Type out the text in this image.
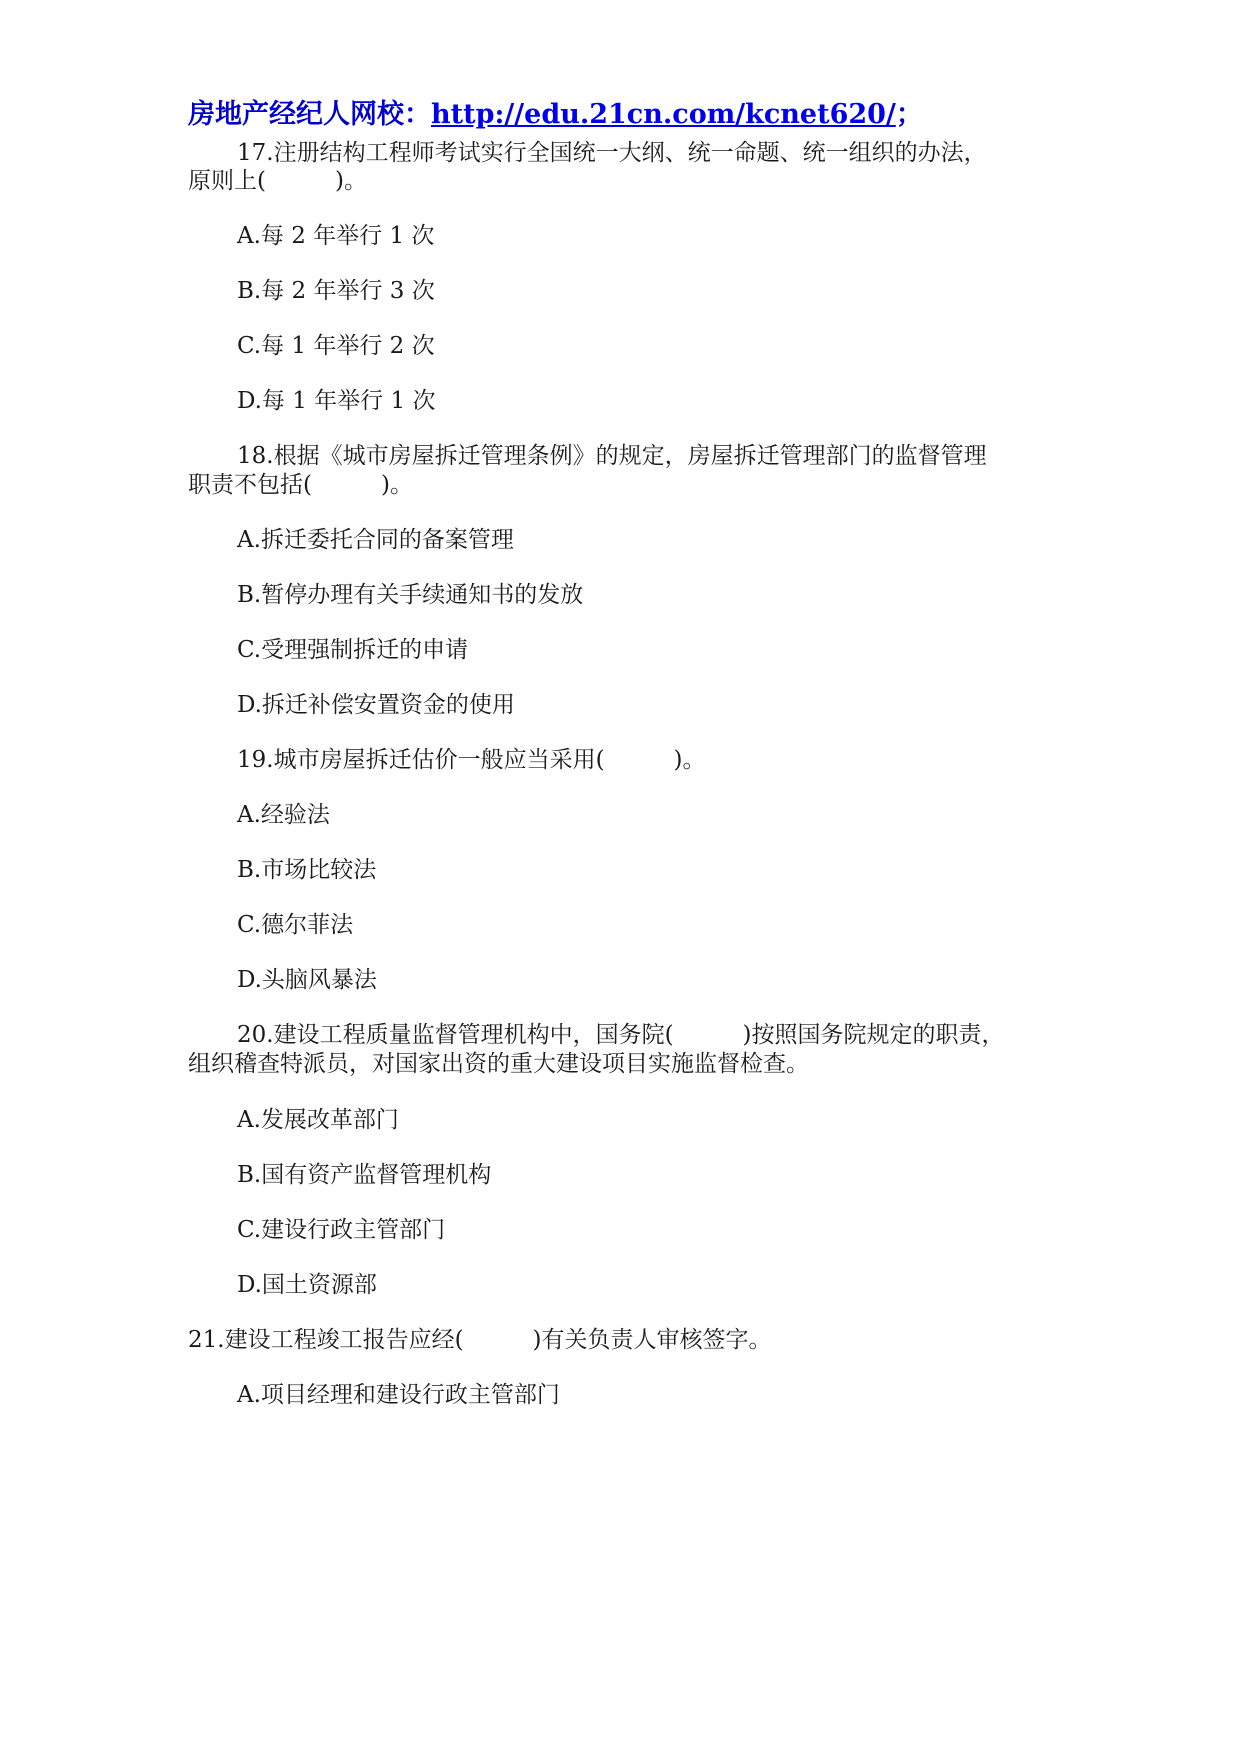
房地产经纪人网校：http://edu.21cn.com/kcnet620/；
17.注册结构工程师考试实行全国统一大纲、统一命题、统一组织的办法，
原则上(　　　)。
A.每 2 年举行 1 次
B.每 2 年举行 3 次
C.每 1 年举行 2 次
D.每 1 年举行 1 次
18.根据《城市房屋拆迁管理条例》的规定，房屋拆迁管理部门的监督管理
职责不包括(　　　)。
A.拆迁委托合同的备案管理
B.暂停办理有关手续通知书的发放
C.受理强制拆迁的申请
D.拆迁补偿安置资金的使用
19.城市房屋拆迁估价一般应当采用(　　　)。
A.经验法
B.市场比较法
C.德尔菲法
D.头脑风暴法
20.建设工程质量监督管理机构中，国务院(　　　)按照国务院规定的职责，
组织稽查特派员，对国家出资的重大建设项目实施监督检查。
A.发展改革部门
B.国有资产监督管理机构
C.建设行政主管部门
D.国土资源部
21.建设工程竣工报告应经(　　　)有关负责人审核签字。
A.项目经理和建设行政主管部门
